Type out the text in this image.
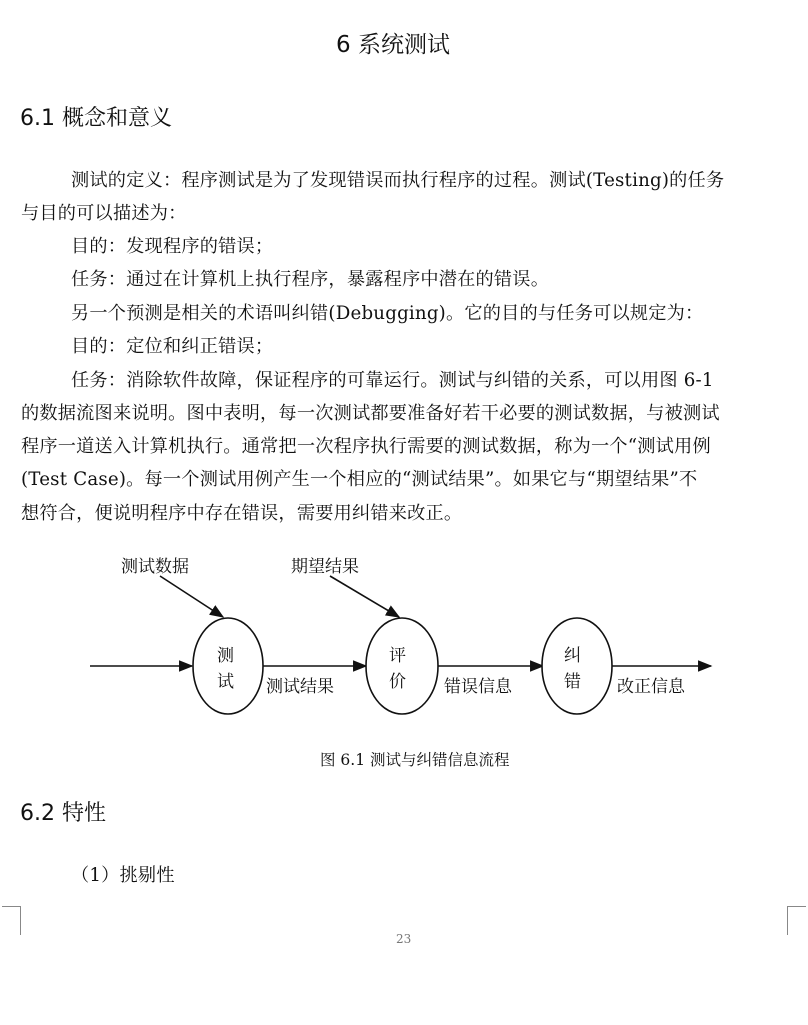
6 系统测试
6.1 概念和意义
测试的定义：程序测试是为了发现错误而执行程序的过程。测试(Testing)的任务
与目的可以描述为：
目的：发现程序的错误；
任务：通过在计算机上执行程序，暴露程序中潜在的错误。
另一个预测是相关的术语叫纠错(Debugging)。它的目的与任务可以规定为：
目的：定位和纠正错误；
任务：消除软件故障，保证程序的可靠运行。测试与纠错的关系，可以用图 6-1
的数据流图来说明。图中表明，每一次测试都要准备好若干必要的测试数据，与被测试
程序一道送入计算机执行。通常把一次程序执行需要的测试数据，称为一个“测试用例
(Test Case)。每一个测试用例产生一个相应的“测试结果”。如果它与“期望结果”不
想符合，便说明程序中存在错误，需要用纠错来改正。
测试数据	期望结果
测
试
评
价
纠
错
测试结果	错误信息	改正信息
图 6.1 测试与纠错信息流程
6.2 特性
（1）挑剔性
23
